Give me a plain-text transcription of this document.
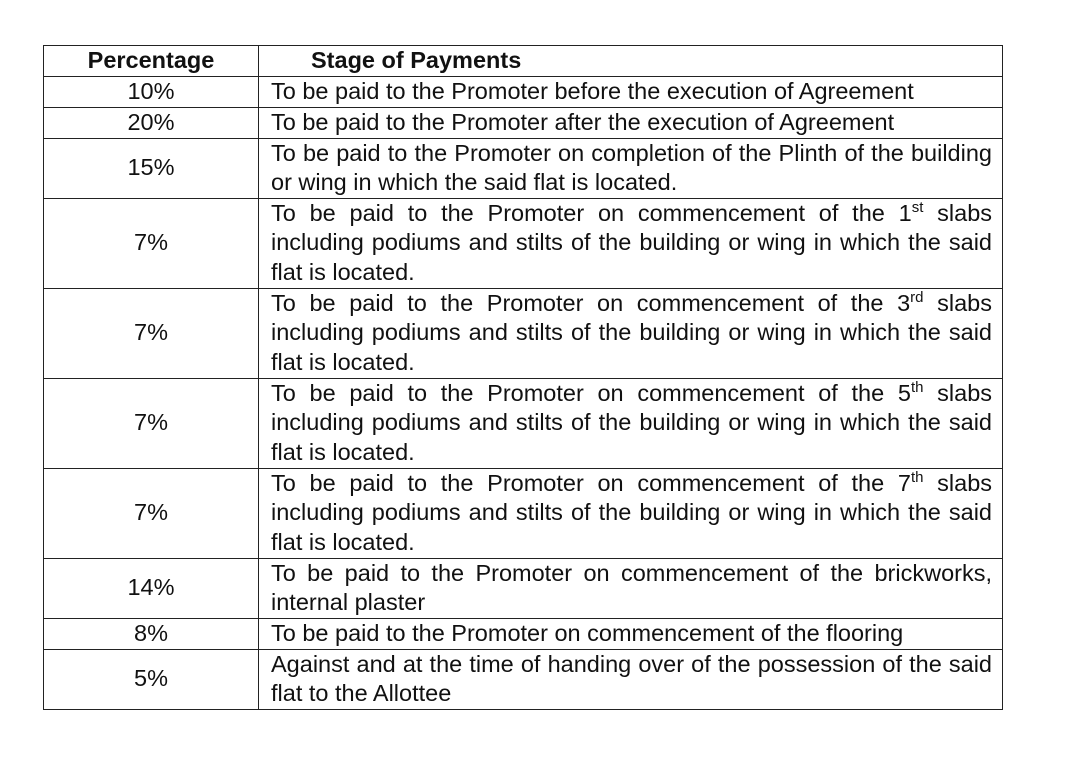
Percentage	Stage of Payments
10%	To be paid to the Promoter before the execution of Agreement
20%	To be paid to the Promoter after the execution of Agreement
15%	To be paid to the Promoter on completion of the Plinth of the building or wing in which the said flat is located.
7%	To be paid to the Promoter on commencement of the 1st slabs including podiums and stilts of the building or wing in which the said flat is located.
7%	To be paid to the Promoter on commencement of the 3rd slabs including podiums and stilts of the building or wing in which the said flat is located.
7%	To be paid to the Promoter on commencement of the 5th slabs including podiums and stilts of the building or wing in which the said flat is located.
7%	To be paid to the Promoter on commencement of the 7th slabs including podiums and stilts of the building or wing in which the said flat is located.
14%	To be paid to the Promoter on commencement of the brickworks, internal plaster
8%	To be paid to the Promoter on commencement of the flooring
5%	Against and at the time of handing over of the possession of the said flat to the Allottee
